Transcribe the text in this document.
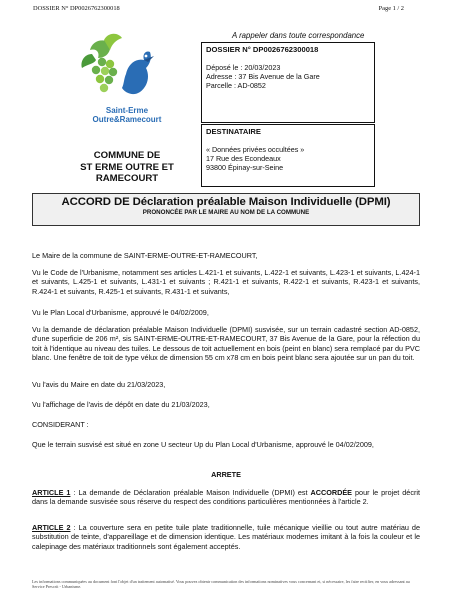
DOSSIER N° DP0026762300018	Page 1 / 2
Saint-Erme
Outre&Ramecourt
COMMUNE DE
ST ERME OUTRE ET
RAMECOURT
A rappeler dans toute correspondance
DOSSIER N° DP0026762300018
Déposé le : 20/03/2023
Adresse : 37 Bis Avenue de la Gare
Parcelle : AD-0852
DESTINATAIRE
« Données privées occultées »
17 Rue des Econdeaux
93800 Épinay-sur-Seine
ACCORD DE Déclaration préalable Maison Individuelle (DPMI)
PRONONCÉE PAR LE MAIRE AU NOM DE LA COMMUNE
Le Maire de la commune de SAINT-ERME-OUTRE-ET-RAMECOURT,
Vu le Code de l'Urbanisme, notamment ses articles L.421-1 et suivants, L.422-1 et suivants, L.423-1 et suivants, L.424-1 et suivants, L.425-1 et suivants, L.431-1 et suivants ; R.421-1 et suivants, R.422-1 et suivants, R.423-1 et suivants, R.424-1 et suivants, R.425-1 et suivants, R.431-1 et suivants,
Vu le Plan Local d'Urbanisme, approuvé le 04/02/2009,
Vu la demande de déclaration préalable Maison Individuelle (DPMI) susvisée, sur un terrain cadastré section AD-0852, d'une superficie de 206 m², sis SAINT-ERME-OUTRE-ET-RAMECOURT, 37 Bis Avenue de la Gare, pour la réfection du toit à l'identique au niveau des tuiles. Le dessous de toit actuellement en bois (peint en blanc) sera remplacé par du PVC blanc. Une fenêtre de toit de type vélux de dimension 55 cm x78 cm en bois peint blanc sera ajoutée sur un pan du toit.
Vu l'avis du Maire en date du 21/03/2023,
Vu l'affichage de l'avis de dépôt en date du 21/03/2023,
CONSIDERANT :
Que le terrain susvisé est situé en zone U secteur Up du Plan Local d'Urbanisme, approuvé le 04/02/2009,
ARRETE
ARTICLE 1 : La demande de Déclaration préalable Maison Individuelle (DPMI) est ACCORDÉE pour le projet décrit dans la demande susvisée sous réserve du respect des conditions particulières mentionnées à l'article 2.
ARTICLE 2 : La couverture sera en petite tuile plate traditionnelle, tuile mécanique vieillie ou tout autre matériau de substitution de teinte, d'appareillage et de dimension identique. Les matériaux modernes imitant à la fois la couleur et le calepinage des matériaux traditionnels sont également acceptés.
Les informations communiquées au document font l'objet d'un traitement automatisé. Vous pouvez obtenir communication des informations nominatives vous concernant et, si nécessaire, les faire rectifier, en vous adressant au Service Prescrit - Urbanisme.
